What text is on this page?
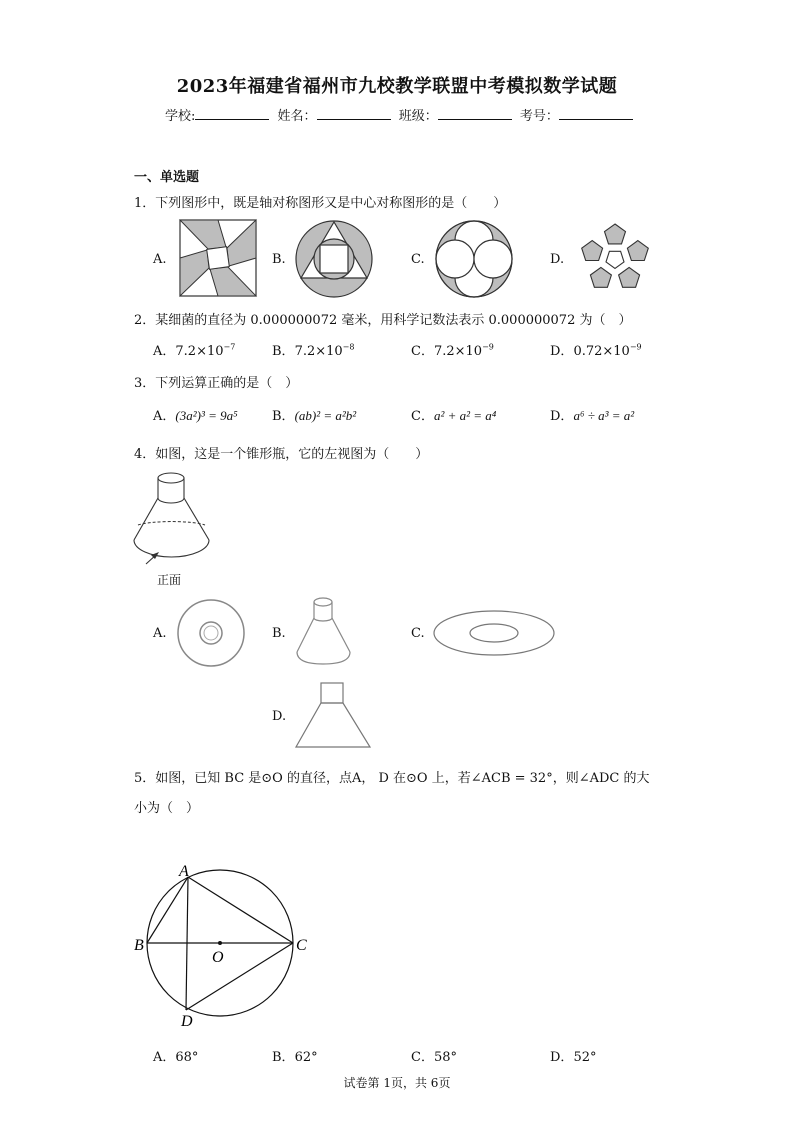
2023年福建省福州市九校教学联盟中考模拟数学试题
学校:	姓名：	班级：	考号：
一、单选题
1．下列图形中，既是轴对称图形又是中心对称图形的是（　　）
A.	B.	C.	D.
2．某细菌的直径为 0.000000072 毫米，用科学记数法表示 0.000000072 为（　）
A．$7.2\times 10^{-7}$	B．$7.2\times 10^{-8}$	C．$7.2\times 10^{-9}$	D．$0.72\times 10^{-9}$
3．下列运算正确的是（　）
A．(3a²)³ = 9a⁵	B．(ab)² = a²b²	C．a² + a² = a⁴	D．a⁶ ÷ a³ = a²
4．如图，这是一个锥形瓶，它的左视图为（　　）
正面
A.	B.	C.
D.
5．如图，已知 BC 是⊙O 的直径，点A， D 在⊙O 上，若∠ACB = 32°，则∠ADC 的大
小为（　）
A
B	C
D
O
A．68°	B．62°	C．58°	D．52°
试卷第 1页，共 6页
